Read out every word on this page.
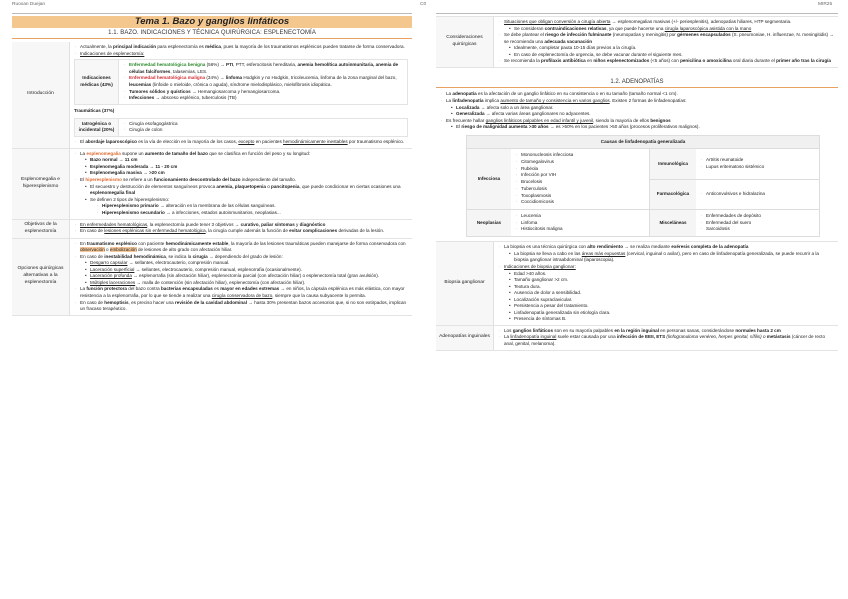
Ruoxan Duejan	C0	MIR25
Tema 1. Bazo y ganglios linfáticos
1.1. BAZO. INDICACIONES Y TÉCNICA QUIRÚRGICA: ESPLENECTOMÍA
Introducción
· Actualmente, la principal indicación para esplenectomía es médica, pues la mayoría de los traumatismos esplénicos pueden tratarse de forma conservadora.
· Indicaciones de esplenectomía:
Indicaciones médicas (43%)
· Enfermedad hematológica benigna (56%) → PTI, PTT, esferocitosis hereditaria, anemia hemolítica autoinmunitaria, anemia de células falciformes, talasemias, LES.
· Enfermedad hematológica maligna (34%) → linfoma Hodgkin y no Hodgkin, tricoleucemia, linfoma de la zona marginal del bazo, leucemias (linfoide o mieloide, crónica o aguda), síndrome mielodisplásico, mielofibrosis idiopática.
· Tumores sólidos y quísticos → Hemangiosarcoma y hemangiosarcoma.
· Infecciones → absceso esplénico, tuberculosis (TB)
Traumáticas (37%)
Iatrogénica o incidental (20%)
· Cirugía esofagogástrica
· Cirugía de colon
· El abordaje laparoscópico es la vía de elección en la mayoría de los casos, excepto en pacientes hemodinámicamente inestables por traumatismo esplénico.
Esplenomegalia e hiperesplenismo
· La esplenomegalia supone un aumento de tamaño del bazo que se clasifica en función del peso y su longitud:
• Bazo normal → 11 cm
• Esplenomegalia moderada → 11 - 20 cm
• Esplenomegalia masiva → >20 cm
· El hiperesplenismo se refiere a un funcionamiento descontrolado del bazo independiente del tamaño.
• El secuestro y destrucción de elementos sanguíneos provoca anemia, plaquetopenia o pancitopenia, que puede condicionar en ciertas ocasiones una esplenomegalia final
• Se definen 2 tipos de hiperesplenismo:
· Hiperesplenismo primario → alteración en la membrana de las células sanguíneas.
· Hiperesplenismo secundario → a infecciones, estados autoinmunitarios, neoplasias...
Objetivos de la esplenectomía
· En enfermedades hematológicas, la esplenectomía puede tener 3 objetivos → curativo, paliar síntomas y diagnóstico
· En caso de lesiones esplénicas sin enfermedad hematológica, la cirugía cumple además la función de evitar complicaciones derivadas de la lesión.
Opciones quirúrgicas alternativas a la esplenectomía
· En traumatismo esplénico con paciente hemodinámicamente estable, la mayoría de las lesiones traumáticas pueden manejarse de forma conservadora con observación o embolización de lesiones de alto grado con afectación hiliar.
· En caso de inestabilidad hemodinámica, se indica la cirugía → dependiendo del grado de lesión:
• Desgarro capsular → sellantes, electrocauterio, compresión manual.
• Laceración superficial → sellantes, electrocauterio, compresión manual, esplenorrafia (ocasionalmente).
• Laceración profunda → esplenorrafia (sin afectación hiliar), esplenectomía parcial (con afectación hiliar) o esplenectomía total (gran avulsión).
• Múltiples laceraciones → malla de contención (sin afectación hiliar), esplenectomía (con afectación hiliar).
· La función protectora del bazo contra bacterias encapsuladas es mayor en edades extremas → en niños, la cápsula esplénica es más elástica, con mayor resistencia a la esplenorrafia, por lo que se tiende a realizar una cirugía conservadora de bazo, siempre que la causa subyacente lo permita.
· En caso de hemoptisis, es preciso hacer una revisión de la cavidad abdominal → hasta 30% presentan bazos accesorios que, si no son extirpados, implican un fracaso terapéutico.
Consideraciones quirúrgicas
· Situaciones que obligan conversión a cirugía abierta → esplenomegalias masivas (+/- periesplenitis), adenopatías hiliares, HTP segmentaria.
• Se consideran contraindicaciones relativas, ya que puede hacerse una cirugía laparoscópica asistida con la mano
· Se debe plantear el riesgo de infección fulminante (neumopatías y meningitis) por gérmenes encapsulados (S. pneumoniae, H. influenzae, N. meningitidis) → se recomienda una adecuada vacunación
• Idealmente, completar pauta 10-15 días previos a la cirugía.
• En caso de esplenectomía de urgencia, se debe vacunar durante el siguiente mes.
· Se recomienda la profilaxis antibiótica en niños esplenectomizados (<5 años) con penicilina o amoxicilina oral diaria durante el primer año tras la cirugía
1.2. ADENOPATÍAS
· La adenopatía es la afectación de un ganglio linfático en su consistencia o en su tamaño (tamaño normal <1 cm).
· La linfadenopatía implica aumento de tamaño y consistencia en varios ganglios. Existen 2 formas de linfadenopatías:
• Localizada → afecta solo a un área ganglionar.
• Generalizada → afecta varias áreas ganglionares no adyacentes.
· Es frecuente hallar ganglios linfáticos palpables en edad infantil y juvenil, siendo la mayoría de ellos benignos
• El riesgo de malignidad aumenta >30 años → es >50% en los pacientes >50 años (procesos proliferativos malignos).
Causas de linfadenopatía generalizada
Infecciosa
· Mononucleosis infecciosa
· Citomegalovirus
· Rubéola
· Infección por VIH
· Brucelosis
· Tuberculosis
· Toxoplasmosis
· Coccidiomicosis
Inmunológica
· Artritis reumatoide
· Lupus eritematoso sistémico
Farmacológica
·	Anticonvulsivos e hidralazina
Neoplasias
· Leucemia
· Linfoma
· Histiocitosis maligna
Misceláneas
· Enfermedades de depósito
· Enfermedad del suero
· Sarcoidosis
Biopsia ganglionar
· La biopsia es una técnica quirúrgica con alto rendimiento → se realiza mediante exéresis completa de la adenopatía
• La biopsia se lleva a cabo en las áreas más expuestas (cervical, inguinal o axilar), pero en caso de linfadenopatía generalizada, se puede recurrir a la biopsia ganglionar intraabdominal (laparoscopia).
· Indicaciones de biopsia ganglionar:
• Edad >40 años.
• Tamaño ganglionar >2 cm.
• Textura dura.
• Ausencia de dolor a sensibilidad.
• Localización supraclavicular.
• Persistencia a pesar del tratamiento.
• Linfadenopatía generalizada sin etiología clara.
• Presencia de síntomas B.
Adenopatías inguinales
· Los ganglios linfáticos son en su mayoría palpables en la región inguinal en personas sanas, considerándose normales hasta 2 cm
· La linfadenopatía inguinal suele estar causada por una infección de EEII, ETS (linfogranuloma venéreo, herpes genital, sífilis) o metástasis (cáncer de recto anal, genital, melanoma).
